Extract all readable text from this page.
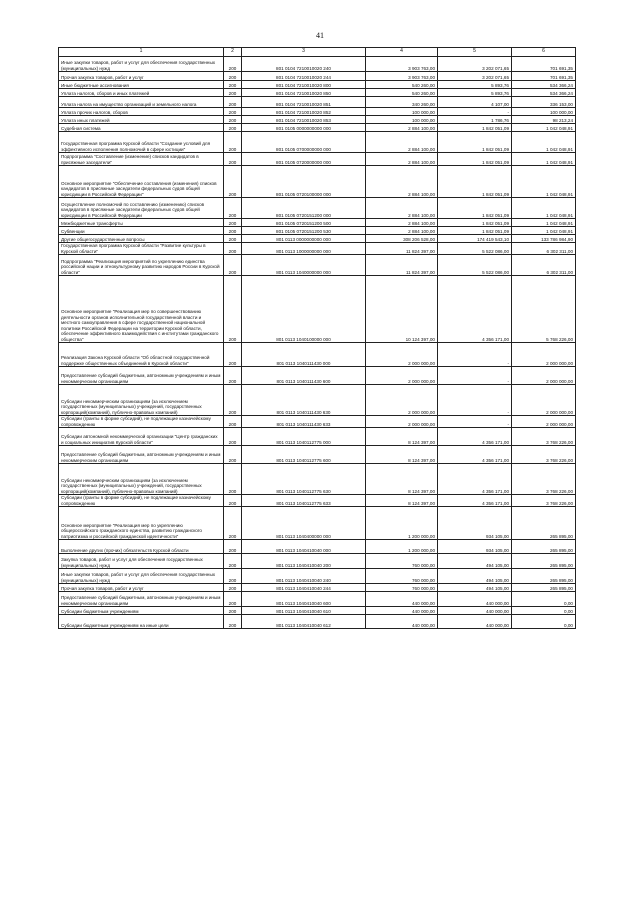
41
1	2	3	4	5	6
Иные закупки товаров, работ и услуг для обеспечения государственных (муниципальных) нужд	200	801 0104 7210010020 240	3 903 763,00	3 202 071,65	701 691,35
Прочая закупка товаров, работ и услуг	200	801 0104 7210010020 244	3 903 763,00	3 202 071,65	701 691,35
Иные бюджетные ассигнования	200	801 0104 7210010020 800	540 260,00	5 893,76	534 366,24
Уплата налогов, сборов и иных платежей	200	801 0104 7210010020 850	540 260,00	5 893,76	534 366,24
Уплата налога на имущество организаций и земельного налога	200	801 0104 7210010020 851	340 260,00	4 107,00	336 153,00
Уплата прочих налогов, сборов	200	801 0104 7210010020 852	100 000,00	-	100 000,00
Уплата иных платежей	200	801 0104 7210010020 853	100 000,00	1 786,76	98 213,24
Судебная система	200	801 0105 0000000000 000	2 884 100,00	1 842 051,09	1 042 048,91
Государственная программа Курской области "Создание условий для эффективного исполнения полномочий в сфере юстиции"	200	801 0105 0700000000 000	2 884 100,00	1 842 051,09	1 042 048,91
Подпрограмма "Составление (изменение) списков кандидатов в присяжные заседатели"	200	801 0105 0720000000 000	2 884 100,00	1 842 051,09	1 042 048,91
Основное мероприятие "Обеспечение составления (изменения) списков кандидатов в присяжные заседатели федеральных судов общей юрисдикции в Российской Федерации"	200	801 0105 0720100000 000	2 884 100,00	1 842 051,09	1 042 048,91
Осуществление полномочий по составлению (изменению) списков кандидатов в присяжные заседатели федеральных судов общей юрисдикции в Российской Федерации	200	801 0105 0720151200 000	2 884 100,00	1 842 051,09	1 042 048,91
Межбюджетные трансферты	200	801 0105 0720151200 500	2 884 100,00	1 842 051,09	1 042 048,91
Субвенции	200	801 0105 0720151200 530	2 884 100,00	1 842 051,09	1 042 048,91
Другие общегосударственные вопросы	200	801 0113 0000000000 000	308 206 528,00	174 419 543,10	133 786 984,90
Государственная программа Курской области "Развитие культуры в Курской области"	200	801 0113 1000000000 000	11 824 397,00	5 522 086,00	6 302 311,00
Подпрограмма "Реализация мероприятий по укреплению единства российской нации и этнокультурному развитию народов России в Курской области"	200	801 0113 1040000000 000	11 824 397,00	5 522 086,00	6 302 311,00
Основное мероприятие "Реализация мер по совершенствованию деятельности органов исполнительной государственной власти и местного самоуправления в сфере государственной национальной политики Российской Федерации на территории Курской области, обеспечение эффективного взаимодействия с институтами гражданского общества"	200	801 0113 1040100000 000	10 124 397,00	4 356 171,00	5 768 226,00
Реализация Закона Курской области "Об областной государственной поддержке общественных объединений в Курской области"	200	801 0113 1040111430 000	2 000 000,00	-	2 000 000,00
Предоставление субсидий бюджетным, автономным учреждениям и иным некоммерческим организациям	200	801 0113 1040111430 600	2 000 000,00	-	2 000 000,00
Субсидии некоммерческим организациям (за исключением государственных (муниципальных) учреждений, государственных корпораций(компаний), публично-правовых компаний)	200	801 0113 1040111430 630	2 000 000,00	-	2 000 000,00
Субсидии (гранты в форме субсидий), не подлежащие казначейскому сопровождению	200	801 0113 1040111430 633	2 000 000,00	-	2 000 000,00
Субсидии автономной некоммерческой организации "Центр гражданских и социальных инициатив Курской области"	200	801 0113 1040112775 000	8 124 397,00	4 356 171,00	3 768 226,00
Предоставление субсидий бюджетным, автономным учреждениям и иным некоммерческим организациям	200	801 0113 1040112775 600	8 124 397,00	4 356 171,00	3 768 226,00
Субсидии некоммерческим организациям (за исключением государственных (муниципальных) учреждений, государственных корпораций(компаний), публично-правовых компаний)	200	801 0113 1040112775 630	8 124 397,00	4 356 171,00	3 768 226,00
Субсидии (гранты в форме субсидий), не подлежащие казначейскому сопровождению	200	801 0113 1040112775 633	8 124 397,00	4 356 171,00	3 768 226,00
Основное мероприятие "Реализация мер по укреплению общероссийского гражданского единства, развитию гражданского патриотизма и российской гражданской идентичности"	200	801 0113 1040400000 000	1 200 000,00	934 105,00	265 895,00
Выполнение других (прочих) обязательств Курской области	200	801 0113 1040410040 000	1 200 000,00	934 105,00	265 895,00
Закупка товаров, работ и услуг для обеспечения государственных (муниципальных) нужд	200	801 0113 1040410040 200	760 000,00	494 105,00	265 895,00
Иные закупки товаров, работ и услуг для обеспечения государственных (муниципальных) нужд	200	801 0113 1040410040 240	760 000,00	494 105,00	265 895,00
Прочая закупка товаров, работ и услуг	200	801 0113 1040410040 244	760 000,00	494 105,00	265 895,00
Предоставление субсидий бюджетным, автономным учреждениям и иным некоммерческим организациям	200	801 0113 1040410040 600	440 000,00	440 000,00	0,00
Субсидии бюджетным учреждениям	200	801 0113 1040410040 610	440 000,00	440 000,00	0,00
Субсидии бюджетным учреждениям на иные цели	200	801 0113 1040410040 612	440 000,00	440 000,00	0,00
